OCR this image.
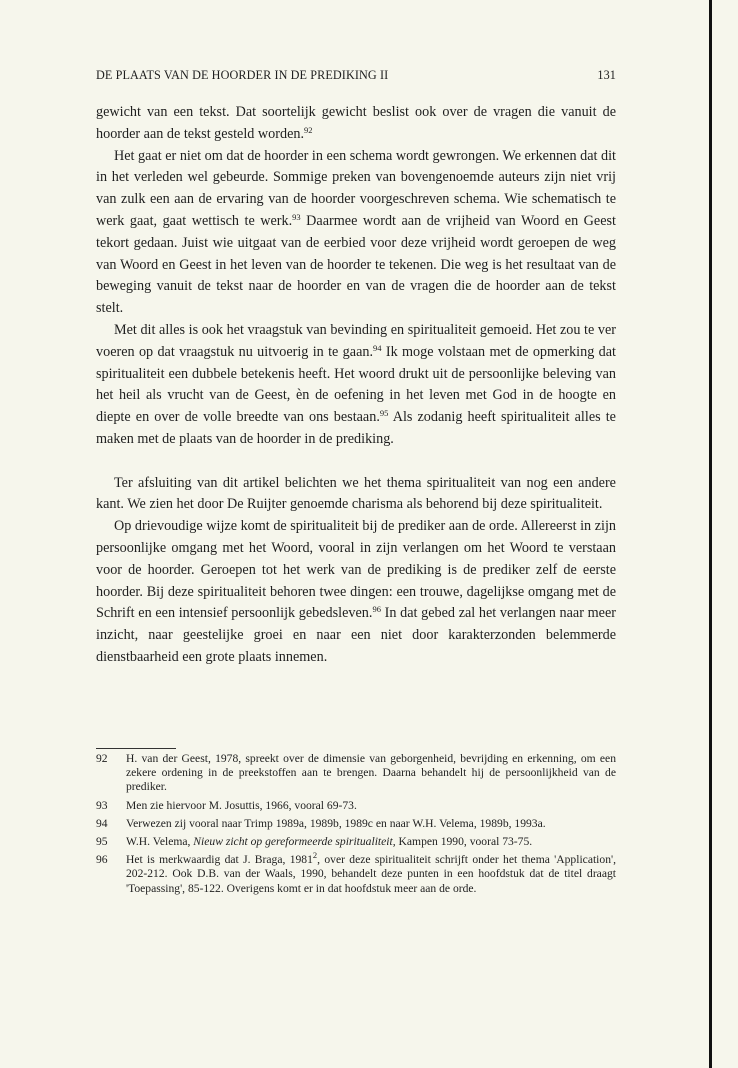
DE PLAATS VAN DE HOORDER IN DE PREDIKING II	131

gewicht van een tekst. Dat soortelijk gewicht beslist ook over de vragen die vanuit de hoorder aan de tekst gesteld worden.$^{92}$

Het gaat er niet om dat de hoorder in een schema wordt gewrongen. We erkennen dat dit in het verleden wel gebeurde. Sommige preken van bovengenoemde auteurs zijn niet vrij van zulk een aan de ervaring van de hoorder voorgeschreven schema. Wie schematisch te werk gaat, gaat wettisch te werk.$^{93}$ Daarmee wordt aan de vrijheid van Woord en Geest tekort gedaan. Juist wie uitgaat van de eerbied voor deze vrijheid wordt geroepen de weg van Woord en Geest in het leven van de hoorder te tekenen. Die weg is het resultaat van de beweging vanuit de tekst naar de hoorder en van de vragen die de hoorder aan de tekst stelt.

Met dit alles is ook het vraagstuk van bevinding en spiritualiteit gemoeid. Het zou te ver voeren op dat vraagstuk nu uitvoerig in te gaan.$^{94}$ Ik moge volstaan met de opmerking dat spiritualiteit een dubbele betekenis heeft. Het woord drukt uit de persoonlijke beleving van het heil als vrucht van de Geest, èn de oefening in het leven met God in de hoogte en diepte en over de volle breedte van ons bestaan.$^{95}$ Als zodanig heeft spiritualiteit alles te maken met de plaats van de hoorder in de prediking.

Ter afsluiting van dit artikel belichten we het thema spiritualiteit van nog een andere kant. We zien het door De Ruijter genoemde charisma als behorend bij deze spiritualiteit.

Op drievoudige wijze komt de spiritualiteit bij de prediker aan de orde. Allereerst in zijn persoonlijke omgang met het Woord, vooral in zijn verlangen om het Woord te verstaan voor de hoorder. Geroepen tot het werk van de prediking is de prediker zelf de eerste hoorder. Bij deze spiritualiteit behoren twee dingen: een trouwe, dagelijkse omgang met de Schrift en een intensief persoonlijk gebedsleven.$^{96}$ In dat gebed zal het verlangen naar meer inzicht, naar geestelijke groei en naar een niet door karakterzonden belemmerde dienstbaarheid een grote plaats innemen.

92	H. van der Geest, 1978, spreekt over de dimensie van geborgenheid, bevrijding en erkenning, om een zekere ordening in de preekstoffen aan te brengen. Daarna behandelt hij de persoonlijkheid van de prediker.
93	Men zie hiervoor M. Josuttis, 1966, vooral 69-73.
94	Verwezen zij vooral naar Trimp 1989a, 1989b, 1989c en naar W.H. Velema, 1989b, 1993a.
95	W.H. Velema, Nieuw zicht op gereformeerde spiritualiteit, Kampen 1990, vooral 73-75.
96	Het is merkwaardig dat J. Braga, 1981$^2$, over deze spiritualiteit schrijft onder het thema 'Application', 202-212. Ook D.B. van der Waals, 1990, behandelt deze punten in een hoofdstuk dat de titel draagt 'Toepassing', 85-122. Overigens komt er in dat hoofdstuk meer aan de orde.
